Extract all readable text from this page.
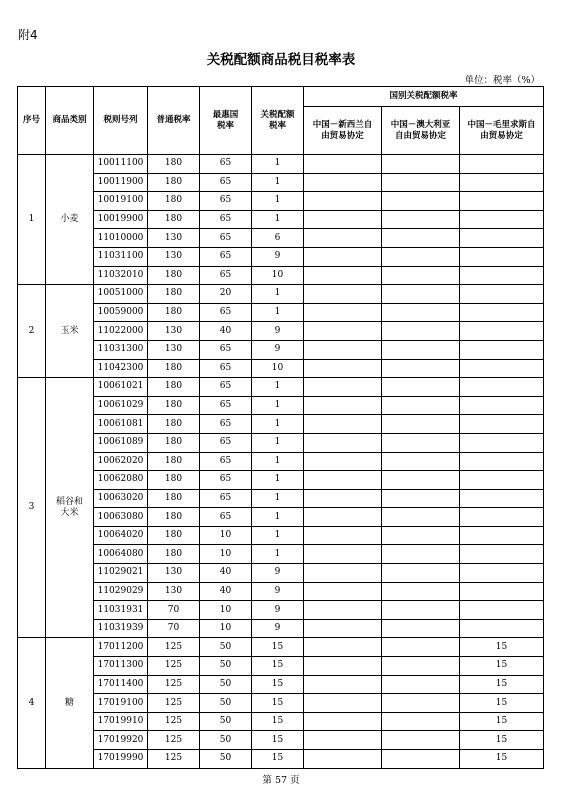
附4
关税配额商品税目税率表
单位：税率（%）
序号	商品类别	税则号列	普通税率	最惠国税率	关税配额税率	国别关税配额税率		
						中国－新西兰自由贸易协定	中国－澳大利亚自由贸易协定	中国－毛里求斯自由贸易协定
1	小麦	10011100	180	65	1			
		10011900	180	65	1			
		10019100	180	65	1			
		10019900	180	65	1			
		11010000	130	65	6			
		11031100	130	65	9			
		11032010	180	65	10			
2	玉米	10051000	180	20	1			
		10059000	180	65	1			
		11022000	130	40	9			
		11031300	130	65	9			
		11042300	180	65	10			
3	稻谷和大米	10061021	180	65	1			
		10061029	180	65	1			
		10061081	180	65	1			
		10061089	180	65	1			
		10062020	180	65	1			
		10062080	180	65	1			
		10063020	180	65	1			
		10063080	180	65	1			
		10064020	180	10	1			
		10064080	180	10	1			
		11029021	130	40	9			
		11029029	130	40	9			
		11031931	70	10	9			
		11031939	70	10	9			
4	糖	17011200	125	50	15			15
		17011300	125	50	15			15
		17011400	125	50	15			15
		17019100	125	50	15			15
		17019910	125	50	15			15
		17019920	125	50	15			15
		17019990	125	50	15			15
第 57 页
